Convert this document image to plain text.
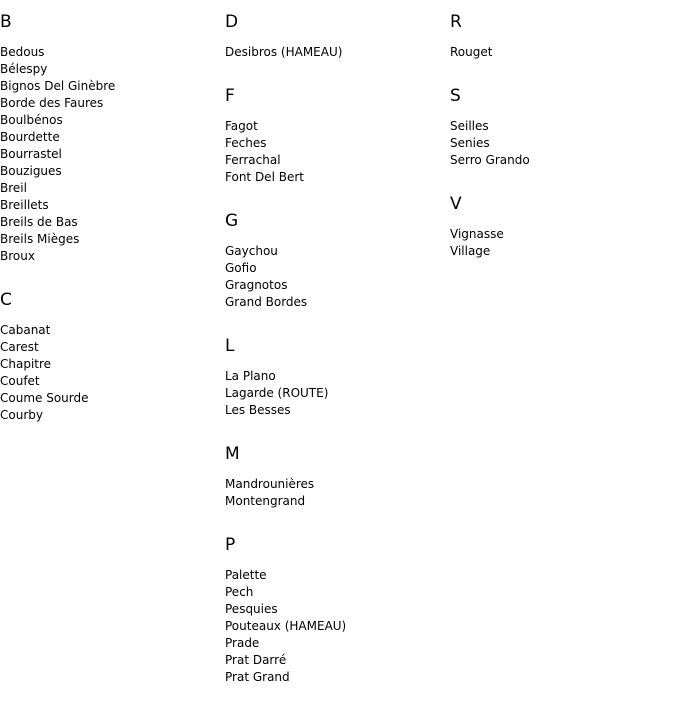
B
Bedous
Bélespy
Bignos Del Ginèbre
Borde des Faures
Boulbénos
Bourdette
Bourrastel
Bouzigues
Breil
Breillets
Breils de Bas
Breils Mièges
Broux
C
Cabanat
Carest
Chapitre
Coufet
Coume Sourde
Courby
D
Desibros (HAMEAU)
F
Fagot
Feches
Ferrachal
Font Del Bert
G
Gaychou
Gofio
Gragnotos
Grand Bordes
L
La Plano
Lagarde (ROUTE)
Les Besses
M
Mandrounières
Montengrand
P
Palette
Pech
Pesquies
Pouteaux (HAMEAU)
Prade
Prat Darré
Prat Grand
R
Rouget
S
Seilles
Senies
Serro Grando
V
Vignasse
Village
